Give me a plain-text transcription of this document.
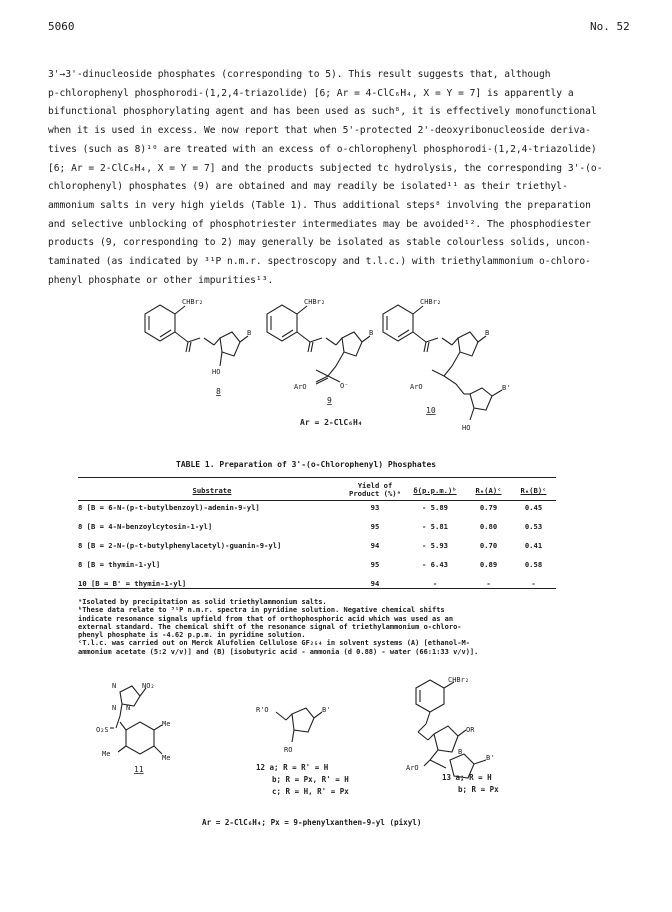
5060	No. 52
3'→3'-dinucleoside phosphates (corresponding to 5). This result suggests that, although
p-chlorophenyl phosphorodi-(1,2,4-triazolide) [6; Ar = 4-ClC₆H₄, X = Y = 7] is apparently a
bifunctional phosphorylating agent and has been used as such⁸, it is effectively monofunctional
when it is used in excess. We now report that when 5'-protected 2'-deoxyribonucleoside deriva-
tives (such as 8)¹⁰ are treated with an excess of o-chlorophenyl phosphorodi-(1,2,4-triazolide)
[6; Ar = 2-ClC₆H₄, X = Y = 7] and the products subjected tc hydrolysis, the corresponding 3'-(o-
chlorophenyl) phosphates (9) are obtained and may readily be isolated¹¹ as their triethyl-
ammonium salts in very high yields (Table 1). Thus additional steps⁸ involving the preparation
and selective unblocking of phosphotriester intermediates may be avoided¹². The phosphodiester
products (9, corresponding to 2) may generally be isolated as stable colourless solids, uncon-
taminated (as indicated by ³¹P n.m.r. spectroscopy and t.l.c.) with triethylammonium o-chloro-
phenyl phosphate or other impurities¹³.
CHBr₂
B
HO
8
CHBr₂
B
ArO	O⁻
9
CHBr₂
B
ArO	B'
HO
10
Ar = 2-ClC₆H₄
TABLE 1. Preparation of 3'-(o-Chlorophenyl) Phosphates
Substrate	Yield of Product (%)ᵃ	δ(p.p.m.)ᵇ	Rₑ(A)ᶜ	Rₑ(B)ᶜ
8 [B = 6-N-(p-t-butylbenzoyl)-adenin-9-yl]	93	- 5.89	0.79	0.45
8 [B = 4-N-benzoylcytosin-1-yl]	95	- 5.81	0.80	0.53
8 [B = 2-N-(p-t-butylphenylacetyl)-guanin-9-yl]	94	- 5.93	0.70	0.41
8 [B = thymin-1-yl]	95	- 6.43	0.89	0.58
10 [B = B' = thymin-1-yl]	94	-	-	-
ᵃIsolated by precipitation as solid triethylammonium salts.
ᵇThese data relate to ³¹P n.m.r. spectra in pyridine solution. Negative chemical shifts
indicate resonance signals upfield from that of orthophosphoric acid which was used as an
external standard. The chemical shift of the resonance signal of triethylammonium o-chloro-
phenyl phosphate is -4.62 p.p.m. in pyridine solution.
ᶜT.l.c. was carried out on Merck Alufolien Cellulose GF₂₅₄ in solvent systems (A) [ethanol-M-
ammonium acetate (5:2 v/v)] and (B) [isobutyric acid - ammonia (d 0.88) - water (66:1:33 v/v)].
N	NO₂
N N
Me
O₂S
Me	Me
11
R'O	B'
RO
12 a; R = R' = H
b; R = Px, R' = H
c; R = H, R' = Px
CHBr₂
OR
B'
B
ArO
13 a; R = H
b; R = Px
Ar = 2-ClC₆H₄; Px = 9-phenylxanthen-9-yl (pixyl)
